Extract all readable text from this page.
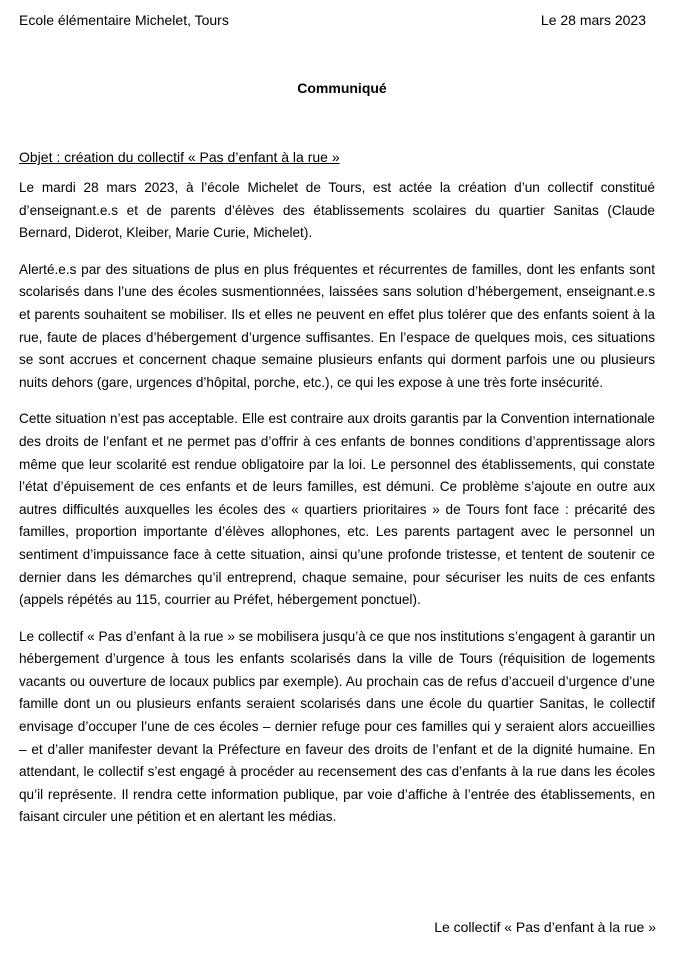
Ecole élémentaire Michelet, Tours	Le 28 mars 2023
Communiqué
Objet : création du collectif « Pas d’enfant à la rue »

Le mardi 28 mars 2023, à l’école Michelet de Tours, est actée la création d’un collectif constitué d’enseignant.e.s et de parents d’élèves des établissements scolaires du quartier Sanitas (Claude Bernard, Diderot, Kleiber, Marie Curie, Michelet).

Alerté.e.s par des situations de plus en plus fréquentes et récurrentes de familles, dont les enfants sont scolarisés dans l’une des écoles susmentionnées, laissées sans solution d’hébergement, enseignant.e.s et parents souhaitent se mobiliser. Ils et elles ne peuvent en effet plus tolérer que des enfants soient à la rue, faute de places d’hébergement d’urgence suffisantes. En l’espace de quelques mois, ces situations se sont accrues et concernent chaque semaine plusieurs enfants qui dorment parfois une ou plusieurs nuits dehors (gare, urgences d’hôpital, porche, etc.), ce qui les expose à une très forte insécurité.

Cette situation n’est pas acceptable. Elle est contraire aux droits garantis par la Convention internationale des droits de l’enfant et ne permet pas d’offrir à ces enfants de bonnes conditions d’apprentissage alors même que leur scolarité est rendue obligatoire par la loi. Le personnel des établissements, qui constate l’état d’épuisement de ces enfants et de leurs familles, est démuni. Ce problème s’ajoute en outre aux autres difficultés auxquelles les écoles des « quartiers prioritaires » de Tours font face : précarité des familles, proportion importante d’élèves allophones, etc. Les parents partagent avec le personnel un sentiment d’impuissance face à cette situation, ainsi qu’une profonde tristesse, et tentent de soutenir ce dernier dans les démarches qu’il entreprend, chaque semaine, pour sécuriser les nuits de ces enfants (appels répétés au 115, courrier au Préfet, hébergement ponctuel).

Le collectif « Pas d’enfant à la rue » se mobilisera jusqu’à ce que nos institutions s’engagent à garantir un hébergement d’urgence à tous les enfants scolarisés dans la ville de Tours (réquisition de logements vacants ou ouverture de locaux publics par exemple). Au prochain cas de refus d’accueil d’urgence d’une famille dont un ou plusieurs enfants seraient scolarisés dans une école du quartier Sanitas, le collectif envisage d’occuper l’une de ces écoles – dernier refuge pour ces familles qui y seraient alors accueillies – et d’aller manifester devant la Préfecture en faveur des droits de l’enfant et de la dignité humaine. En attendant, le collectif s’est engagé à procéder au recensement des cas d’enfants à la rue dans les écoles qu’il représente. Il rendra cette information publique, par voie d’affiche à l’entrée des établissements, en faisant circuler une pétition et en alertant les médias.

Le collectif « Pas d’enfant à la rue »
